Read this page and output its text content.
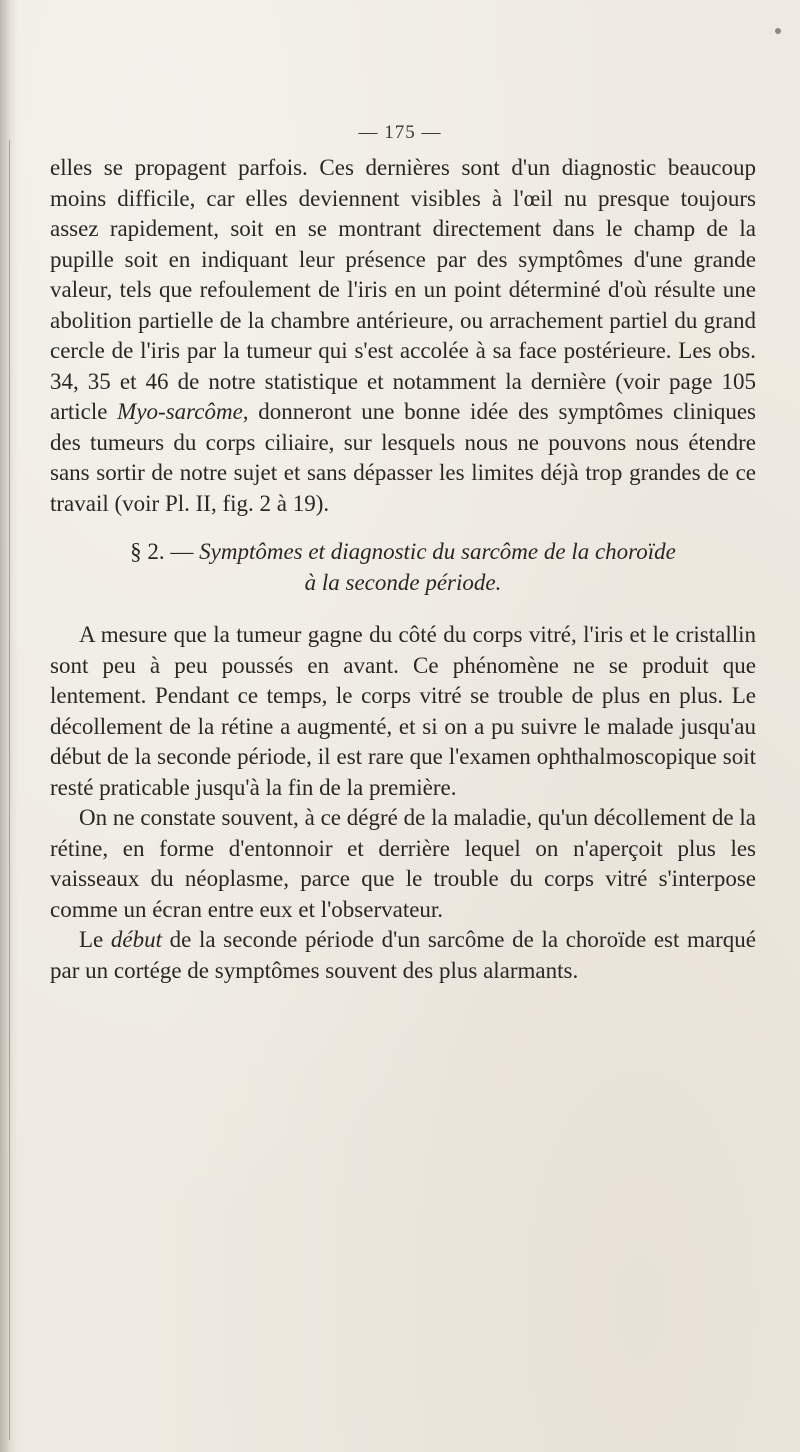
— 175 —

elles se propagent parfois. Ces dernières sont d'un diagnostic beaucoup moins difficile, car elles deviennent visibles à l'œil nu presque toujours assez rapidement, soit en se montrant directement dans le champ de la pupille soit en indiquant leur présence par des symptômes d'une grande valeur, tels que refoulement de l'iris en un point déterminé d'où résulte une abolition partielle de la chambre antérieure, ou arrachement partiel du grand cercle de l'iris par la tumeur qui s'est accolée à sa face postérieure. Les obs. 34, 35 et 46 de notre statistique et notamment la dernière (voir page 105 article Myo-sarcôme, donneront une bonne idée des symptômes cliniques des tumeurs du corps ciliaire, sur lesquels nous ne pouvons nous étendre sans sortir de notre sujet et sans dépasser les limites déjà trop grandes de ce travail (voir Pl. II, fig. 2 à 19).

§ 2. — Symptômes et diagnostic du sarcôme de la choroïde
à la seconde période.

A mesure que la tumeur gagne du côté du corps vitré, l'iris et le cristallin sont peu à peu poussés en avant. Ce phénomène ne se produit que lentement. Pendant ce temps, le corps vitré se trouble de plus en plus. Le décollement de la rétine a augmenté, et si on a pu suivre le malade jusqu'au début de la seconde période, il est rare que l'examen ophthalmoscopique soit resté praticable jusqu'à la fin de la première.

On ne constate souvent, à ce dégré de la maladie, qu'un décollement de la rétine, en forme d'entonnoir et derrière lequel on n'aperçoit plus les vaisseaux du néoplasme, parce que le trouble du corps vitré s'interpose comme un écran entre eux et l'observateur.

Le début de la seconde période d'un sarcôme de la choroïde est marqué par un cortége de symptômes souvent des plus alarmants.
